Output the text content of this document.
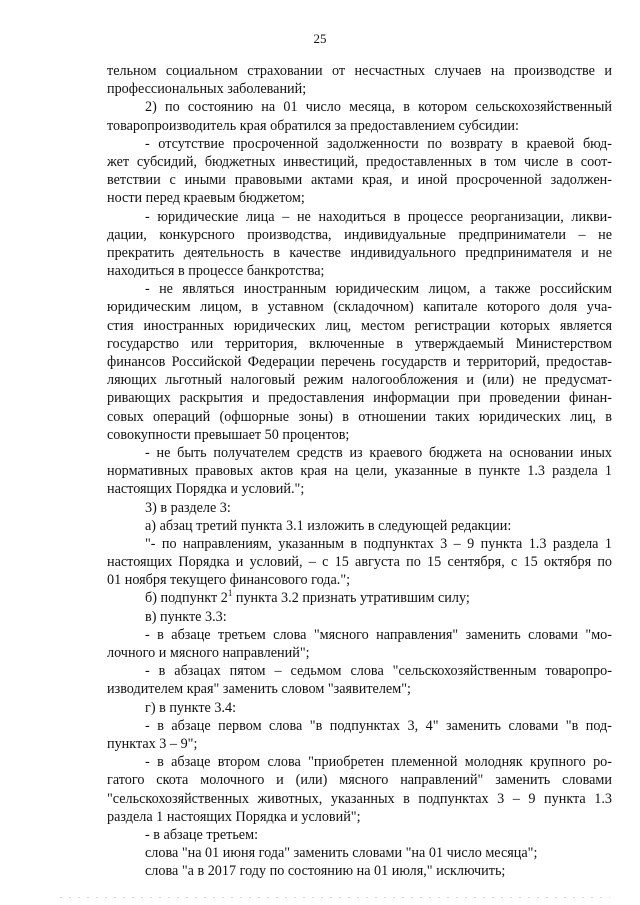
25
тельном социальном страховании от несчастных случаев на производстве и
профессиональных заболеваний;
2) по состоянию на 01 число месяца, в котором сельскохозяйственный
товаропроизводитель края обратился за предоставлением субсидии:
- отсутствие просроченной задолженности по возврату в краевой бюд-
жет субсидий, бюджетных инвестиций, предоставленных в том числе в соот-
ветствии с иными правовыми актами края, и иной просроченной задолжен-
ности перед краевым бюджетом;
- юридические лица – не находиться в процессе реорганизации, ликви-
дации, конкурсного производства, индивидуальные предприниматели – не
прекратить деятельность в качестве индивидуального предпринимателя и не
находиться в процессе банкротства;
- не являться иностранным юридическим лицом, а также российским
юридическим лицом, в уставном (складочном) капитале которого доля уча-
стия иностранных юридических лиц, местом регистрации которых является
государство или территория, включенные в утверждаемый Министерством
финансов Российской Федерации перечень государств и территорий, предостав-
ляющих льготный налоговый режим налогообложения и (или) не предусмат-
ривающих раскрытия и предоставления информации при проведении финан-
совых операций (офшорные зоны) в отношении таких юридических лиц, в
совокупности превышает 50 процентов;
- не быть получателем средств из краевого бюджета на основании иных
нормативных правовых актов края на цели, указанные в пункте 1.3 раздела 1
настоящих Порядка и условий.";
3) в разделе 3:
а) абзац третий пункта 3.1 изложить в следующей редакции:
"- по направлениям, указанным в подпунктах 3 – 9 пункта 1.3 раздела 1
настоящих Порядка и условий, – с 15 августа по 15 сентября, с 15 октября по
01 ноября текущего финансового года.";
б) подпункт $2^1$ пункта 3.2 признать утратившим силу;
в) пункте 3.3:
- в абзаце третьем слова "мясного направления" заменить словами "мо-
лочного и мясного направлений";
- в абзацах пятом – седьмом слова "сельскохозяйственным товаропро-
изводителем края" заменить словом "заявителем";
г) в пункте 3.4:
- в абзаце первом слова "в подпунктах 3, 4" заменить словами "в под-
пунктах 3 – 9";
- в абзаце втором слова "приобретен племенной молодняк крупного ро-
гатого скота молочного и (или) мясного направлений" заменить словами
"сельскохозяйственных животных, указанных в подпунктах 3 – 9 пункта 1.3
раздела 1 настоящих Порядка и условий";
- в абзаце третьем:
слова "на 01 июня года" заменить словами "на 01 число месяца";
слова "а в 2017 году по состоянию на 01 июля," исключить;
